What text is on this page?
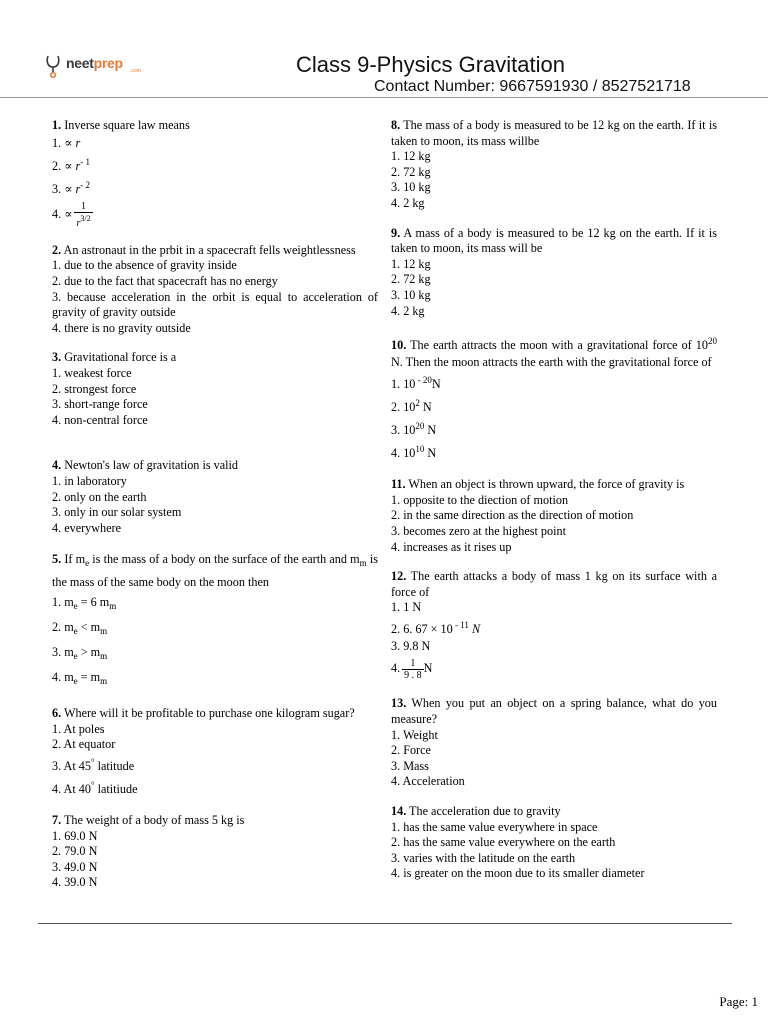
neetprep .com	Class 9-Physics Gravitation
Contact Number: 9667591930 / 8527521718

1. Inverse square law means

1. ∝ r

2. ∝ $r^{- 1}$

3. ∝ $r^{- 2}$

4. ∝ $\frac{1}{r^{3/2}}$

2. An astronaut in the prbit in a spacecraft fells weightlessness

1. due to the absence of gravity inside

2. due to the fact that spacecraft has no energy

3. because acceleration in the orbit is equal to acceleration of gravity of gravity outside

4. there is no gravity outside

3. Gravitational force is a

1. weakest force

2. strongest force

3. short-range force

4. non-central force

4. Newton's law of gravitation is valid

1. in laboratory

2. only on the earth

3. only in our solar system

4. everywhere

5. If $m_e$ is the mass of a body on the surface of the earth and $m_m$ is the mass of the same body on the moon then

1. $m_e = 6$ $m_m$

2. $m_e < m_m$

3. $m_e > m_m$

4. $m_e = m_m$

6. Where will it be profitable to purchase one kilogram sugar?

1. At poles

2. At equator

3. At 45° latitude

4. At 40° latitiude

7. The weight of a body of mass 5 kg is

1. 69.0 N

2. 79.0 N

3. 49.0 N

4. 39.0 N

8. The mass of a body is measured to be 12 kg on the earth. If it is taken to moon, its mass willbe

1. 12 kg

2. 72 kg

3. 10 kg

4. 2 kg

9. A mass of a body is measured to be 12 kg on the earth. If it is taken to moon, its mass will be

1. 12 kg

2. 72 kg

3. 10 kg

4. 2 kg

10. The earth attracts the moon with a gravitational force of $10^{20}$ N. Then the moon attracts the earth with the gravitational force of

1. 10 $^{- 20}$N

2. $10^2$ N

3. $10^{20}$ N

4. $10^{10}$ N

11. When an object is thrown upward, the force of gravity is

1. opposite to the diection of motion

2. in the same direction as the direction of motion

3. becomes zero at the highest point

4. increases as it rises up

12. The earth attacks a body of mass 1 kg on its surface with a force of

1. 1 N

2. 6. 67 × 10 $^{- 11}$ N

3. 9.8 N

4. $\frac{1}{9 . 8}$ N

13. When you put an object on a spring balance, what do you measure?

1. Weight

2. Force

3. Mass

4. Acceleration

14. The acceleration due to gravity

1. has the same value everywhere in space

2. has the same value everywhere on the earth

3. varies with the latitude on the earth

4. is greater on the moon due to its smaller diameter

Page: 1
